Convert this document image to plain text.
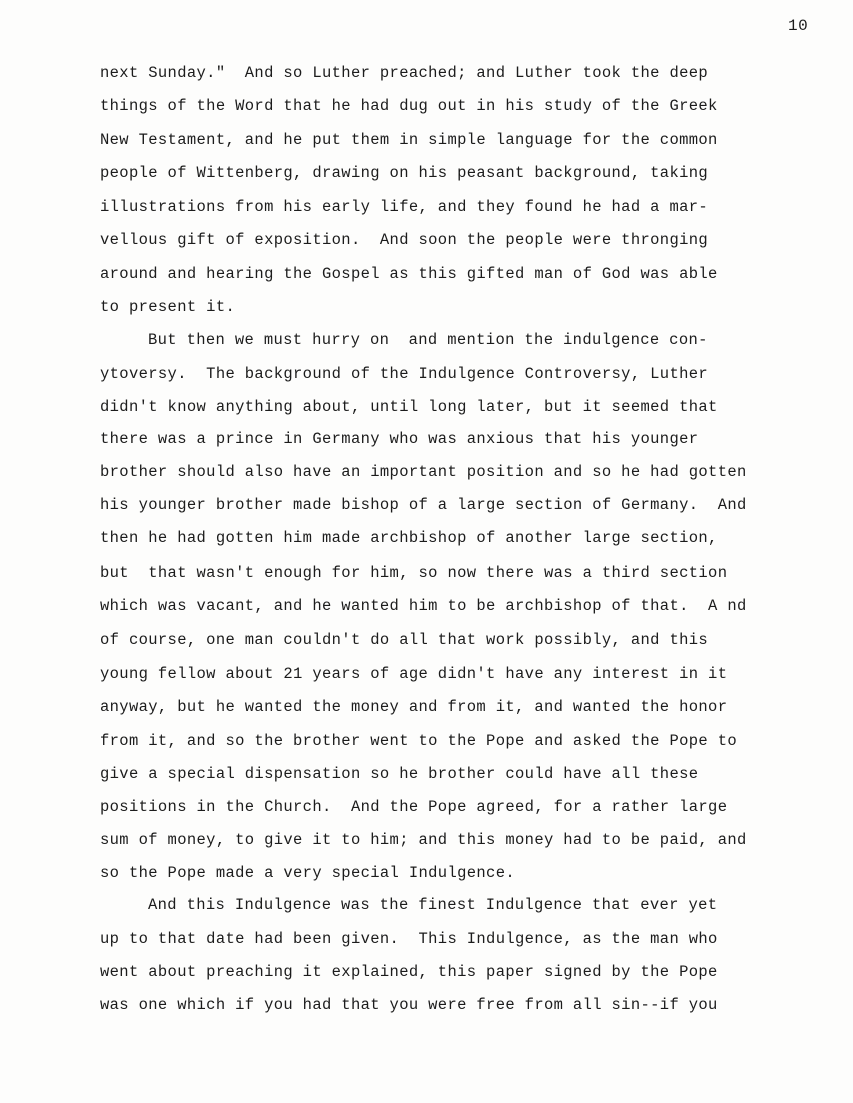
10
next Sunday."  And so Luther preached; and Luther took the deep
things of the Word that he had dug out in his study of the Greek
New Testament, and he put them in simple language for the common
people of Wittenberg, drawing on his peasant background, taking
illustrations from his early life, and they found he had a mar-
vellous gift of exposition.  And soon the people were thronging
around and hearing the Gospel as this gifted man of God was able
to present it.
But then we must hurry on  and mention the indulgence con-
ytoversy.  The background of the Indulgence Controversy, Luther
didn't know anything about, until long later, but it seemed that
there was a prince in Germany who was anxious that his younger
brother should also have an important position and so he had gotten
his younger brother made bishop of a large section of Germany.  And
then he had gotten him made archbishop of another large section,
but  that wasn't enough for him, so now there was a third section
which was vacant, and he wanted him to be archbishop of that.  A nd
of course, one man couldn't do all that work possibly, and this
young fellow about 21 years of age didn't have any interest in it
anyway, but he wanted the money and from it, and wanted the honor
from it, and so the brother went to the Pope and asked the Pope to
give a special dispensation so he brother could have all these
positions in the Church.  And the Pope agreed, for a rather large
sum of money, to give it to him; and this money had to be paid, and
so the Pope made a very special Indulgence.
And this Indulgence was the finest Indulgence that ever yet
up to that date had been given.  This Indulgence, as the man who
went about preaching it explained, this paper signed by the Pope
was one which if you had that you were free from all sin--if you
